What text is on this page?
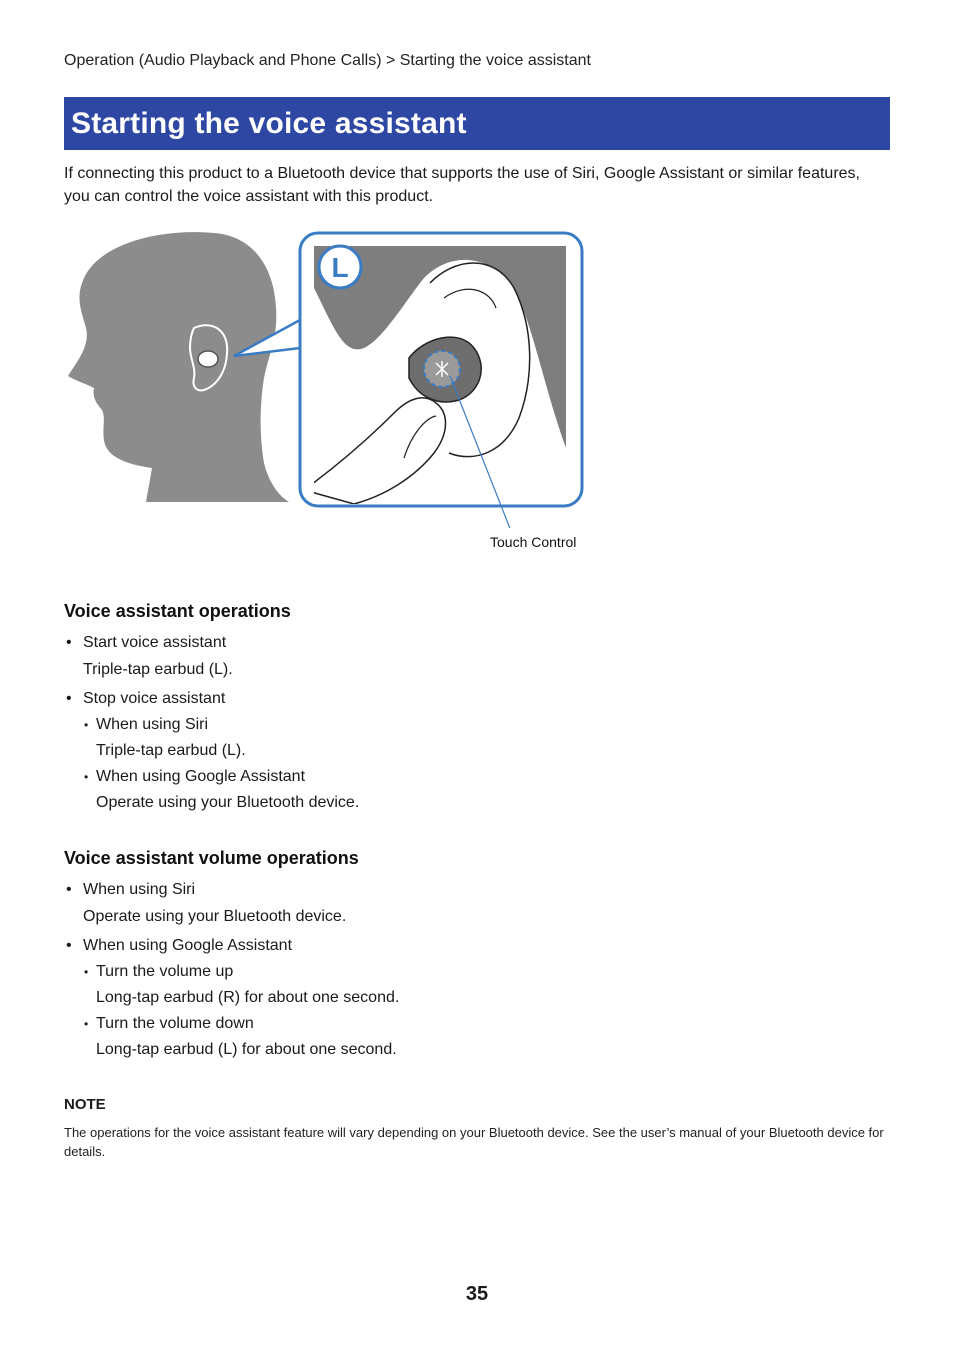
Operation (Audio Playback and Phone Calls) > Starting the voice assistant
Starting the voice assistant
If connecting this product to a Bluetooth device that supports the use of Siri, Google Assistant or similar features, you can control the voice assistant with this product.
L
Touch Control
Voice assistant operations
• Start voice assistant
Triple-tap earbud (L).
• Stop voice assistant
• When using Siri
Triple-tap earbud (L).
• When using Google Assistant
Operate using your Bluetooth device.
Voice assistant volume operations
• When using Siri
Operate using your Bluetooth device.
• When using Google Assistant
• Turn the volume up
Long-tap earbud (R) for about one second.
• Turn the volume down
Long-tap earbud (L) for about one second.
NOTE
The operations for the voice assistant feature will vary depending on your Bluetooth device. See the user’s manual of your Bluetooth device for details.
35
